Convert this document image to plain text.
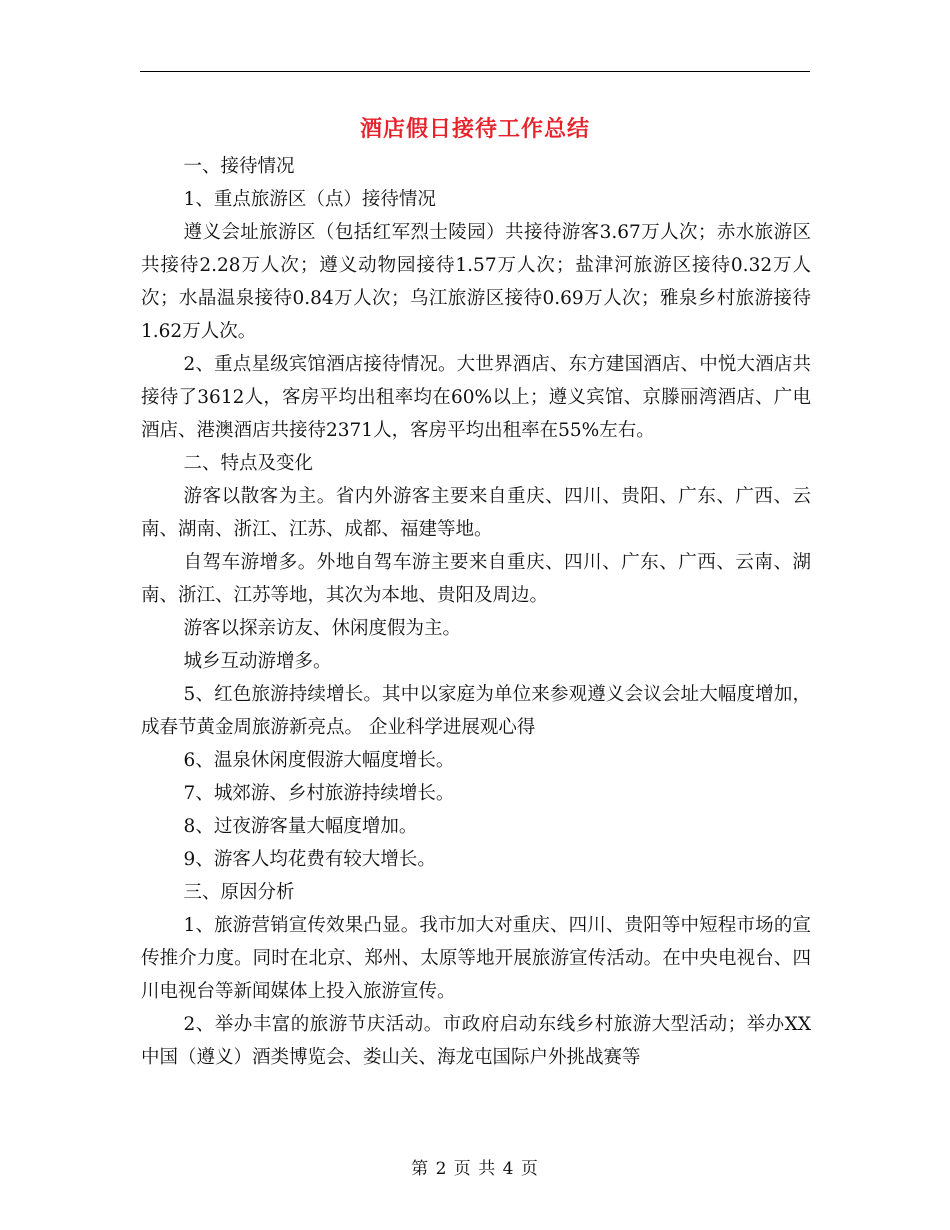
酒店假日接待工作总结

一、接待情况

1、重点旅游区（点）接待情况

遵义会址旅游区（包括红军烈士陵园）共接待游客3.67万人次；赤水旅游区共接待2.28万人次；遵义动物园接待1.57万人次；盐津河旅游区接待0.32万人次；水晶温泉接待0.84万人次；乌江旅游区接待0.69万人次；雅泉乡村旅游接待1.62万人次。

2、重点星级宾馆酒店接待情况。大世界酒店、东方建国酒店、中悦大酒店共接待了3612人，客房平均出租率均在60%以上；遵义宾馆、京滕丽湾酒店、广电酒店、港澳酒店共接待2371人，客房平均出租率在55%左右。

二、特点及变化

游客以散客为主。省内外游客主要来自重庆、四川、贵阳、广东、广西、云南、湖南、浙江、江苏、成都、福建等地。

自驾车游增多。外地自驾车游主要来自重庆、四川、广东、广西、云南、湖南、浙江、江苏等地，其次为本地、贵阳及周边。

游客以探亲访友、休闲度假为主。

城乡互动游增多。

5、红色旅游持续增长。其中以家庭为单位来参观遵义会议会址大幅度增加，成春节黄金周旅游新亮点。 企业科学进展观心得

6、温泉休闲度假游大幅度增长。

7、城郊游、乡村旅游持续增长。

8、过夜游客量大幅度增加。

9、游客人均花费有较大增长。

三、原因分析

1、旅游营销宣传效果凸显。我市加大对重庆、四川、贵阳等中短程市场的宣传推介力度。同时在北京、郑州、太原等地开展旅游宣传活动。在中央电视台、四川电视台等新闻媒体上投入旅游宣传。

2、举办丰富的旅游节庆活动。市政府启动东线乡村旅游大型活动；举办XX中国（遵义）酒类博览会、娄山关、海龙屯国际户外挑战赛等

第 2 页 共 4 页
